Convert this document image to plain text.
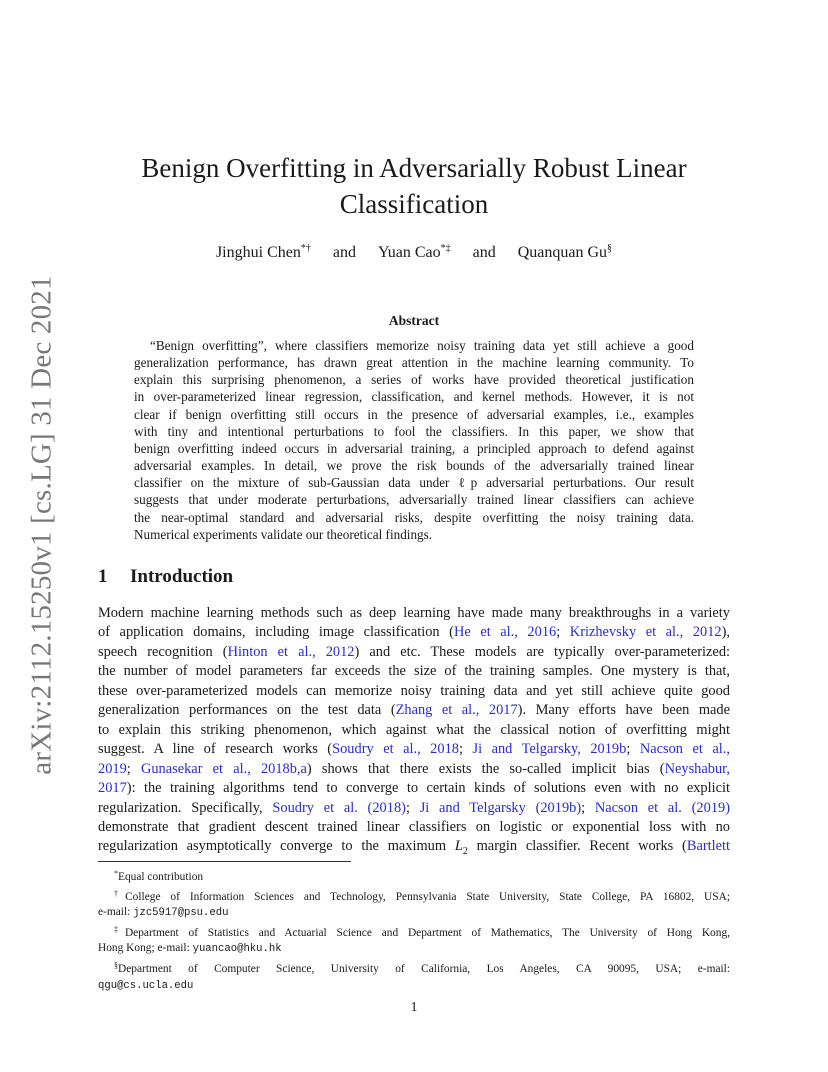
arXiv:2112.15250v1 [cs.LG] 31 Dec 2021
Benign Overfitting in Adversarially Robust Linear
Classification
Jinghui Chen*† and Yuan Cao*‡ and Quanquan Gu§
Abstract
“Benign overfitting”, where classifiers memorize noisy training data yet still achieve a good
generalization performance, has drawn great attention in the machine learning community. To
explain this surprising phenomenon, a series of works have provided theoretical justification
in over-parameterized linear regression, classification, and kernel methods. However, it is not
clear if benign overfitting still occurs in the presence of adversarial examples, i.e., examples
with tiny and intentional perturbations to fool the classifiers. In this paper, we show that
benign overfitting indeed occurs in adversarial training, a principled approach to defend against
adversarial examples. In detail, we prove the risk bounds of the adversarially trained linear
classifier on the mixture of sub-Gaussian data under ℓp adversarial perturbations. Our result
suggests that under moderate perturbations, adversarially trained linear classifiers can achieve
the near-optimal standard and adversarial risks, despite overfitting the noisy training data.
Numerical experiments validate our theoretical findings.
1 Introduction
Modern machine learning methods such as deep learning have made many breakthroughs in a variety
of application domains, including image classification (He et al., 2016; Krizhevsky et al., 2012),
speech recognition (Hinton et al., 2012) and etc. These models are typically over-parameterized:
the number of model parameters far exceeds the size of the training samples. One mystery is that,
these over-parameterized models can memorize noisy training data and yet still achieve quite good
generalization performances on the test data (Zhang et al., 2017). Many efforts have been made
to explain this striking phenomenon, which against what the classical notion of overfitting might
suggest. A line of research works (Soudry et al., 2018; Ji and Telgarsky, 2019b; Nacson et al.,
2019; Gunasekar et al., 2018b,a) shows that there exists the so-called implicit bias (Neyshabur,
2017): the training algorithms tend to converge to certain kinds of solutions even with no explicit
regularization. Specifically, Soudry et al. (2018); Ji and Telgarsky (2019b); Nacson et al. (2019)
demonstrate that gradient descent trained linear classifiers on logistic or exponential loss with no
regularization asymptotically converge to the maximum $L_2$ margin classifier. Recent works (Bartlett
*Equal contribution
†College of Information Sciences and Technology, Pennsylvania State University, State College, PA 16802, USA;
e-mail: jzc5917@psu.edu
‡Department of Statistics and Actuarial Science and Department of Mathematics, The University of Hong Kong,
Hong Kong; e-mail: yuancao@hku.hk
§Department of Computer Science, University of California, Los Angeles, CA 90095, USA; e-mail:
qgu@cs.ucla.edu
1
